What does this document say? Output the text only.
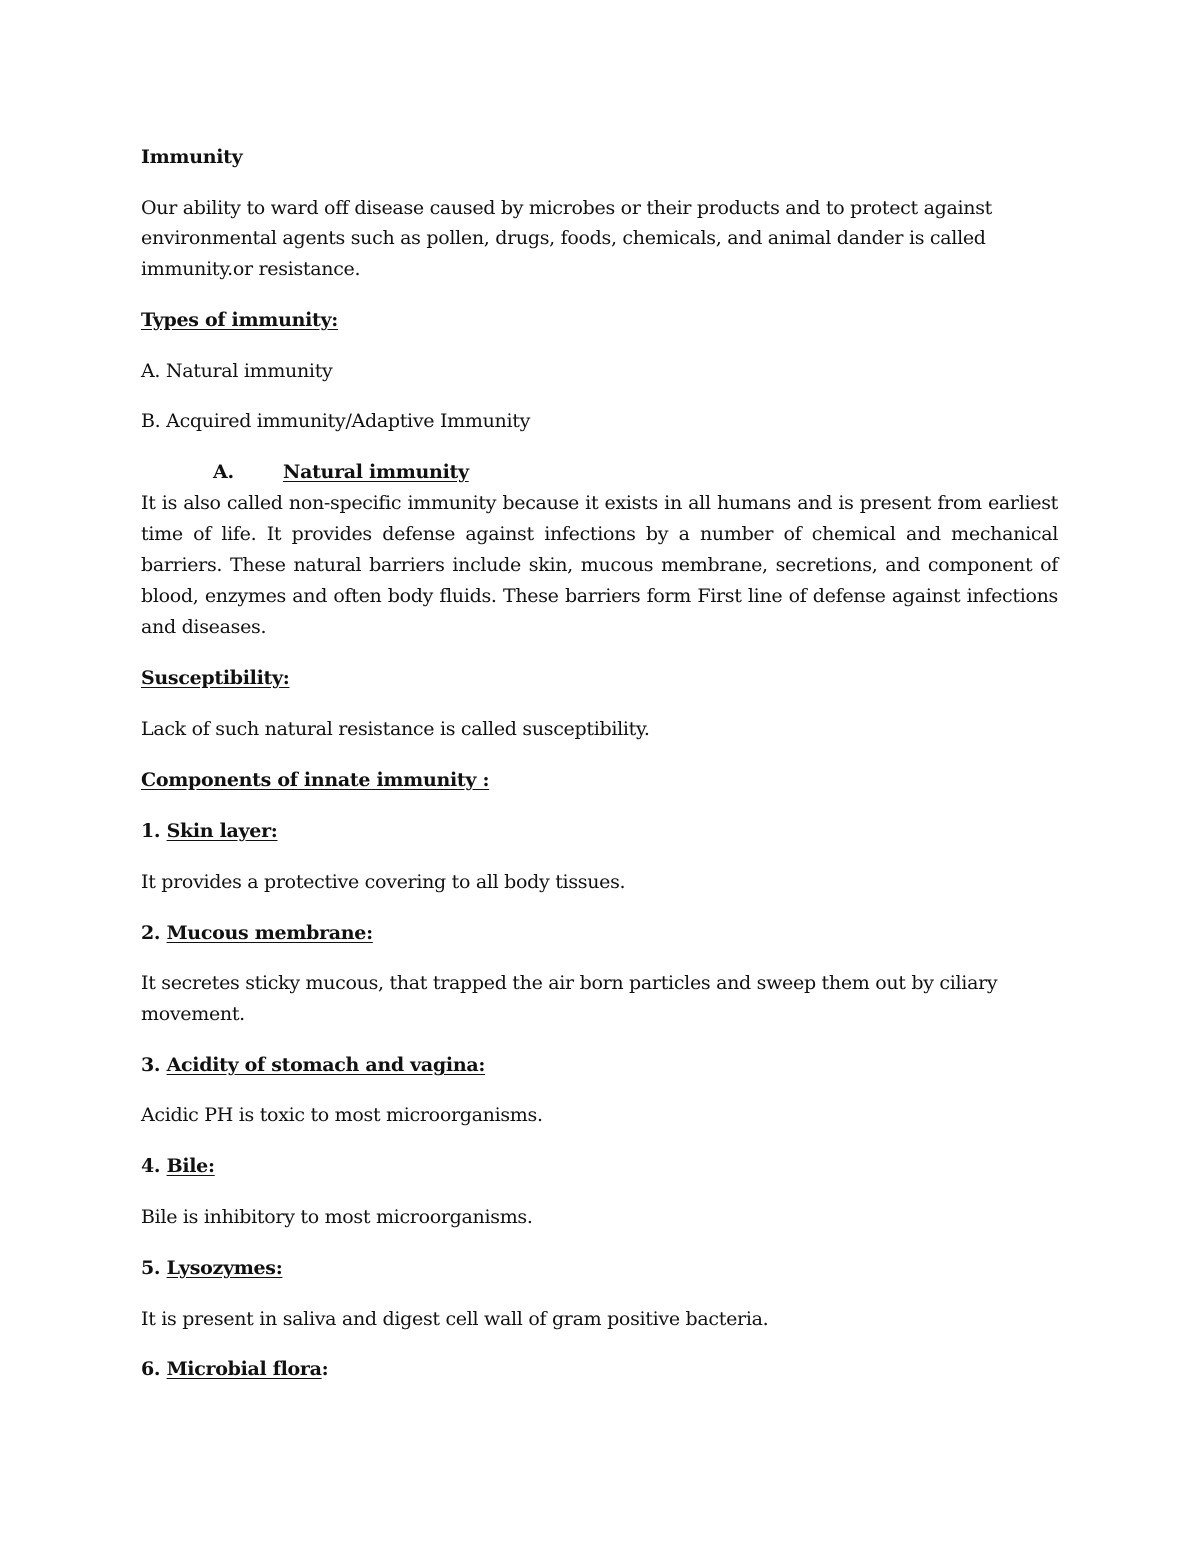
Immunity

Our ability to ward off disease caused by microbes or their products and to protect against

environmental agents such as pollen, drugs, foods, chemicals, and animal dander is called

immunity.or resistance.

Types of immunity:

A. Natural immunity

B. Acquired immunity/Adaptive Immunity

A.	Natural immunity

It is also called non-specific immunity because it exists in all humans and is present from earliest

time of life. It provides defense against infections by a number of chemical and mechanical

barriers. These natural barriers include skin, mucous membrane, secretions, and component of

blood, enzymes and often body fluids. These barriers form First line of defense against infections

and diseases.

Susceptibility:

Lack of such natural resistance is called susceptibility.

Components of innate immunity :

1. Skin layer:

It provides a protective covering to all body tissues.

2. Mucous membrane:

It secretes sticky mucous, that trapped the air born particles and sweep them out by ciliary

movement.

3. Acidity of stomach and vagina:

Acidic PH is toxic to most microorganisms.

4. Bile:

Bile is inhibitory to most microorganisms.

5. Lysozymes:

It is present in saliva and digest cell wall of gram positive bacteria.

6. Microbial flora:
